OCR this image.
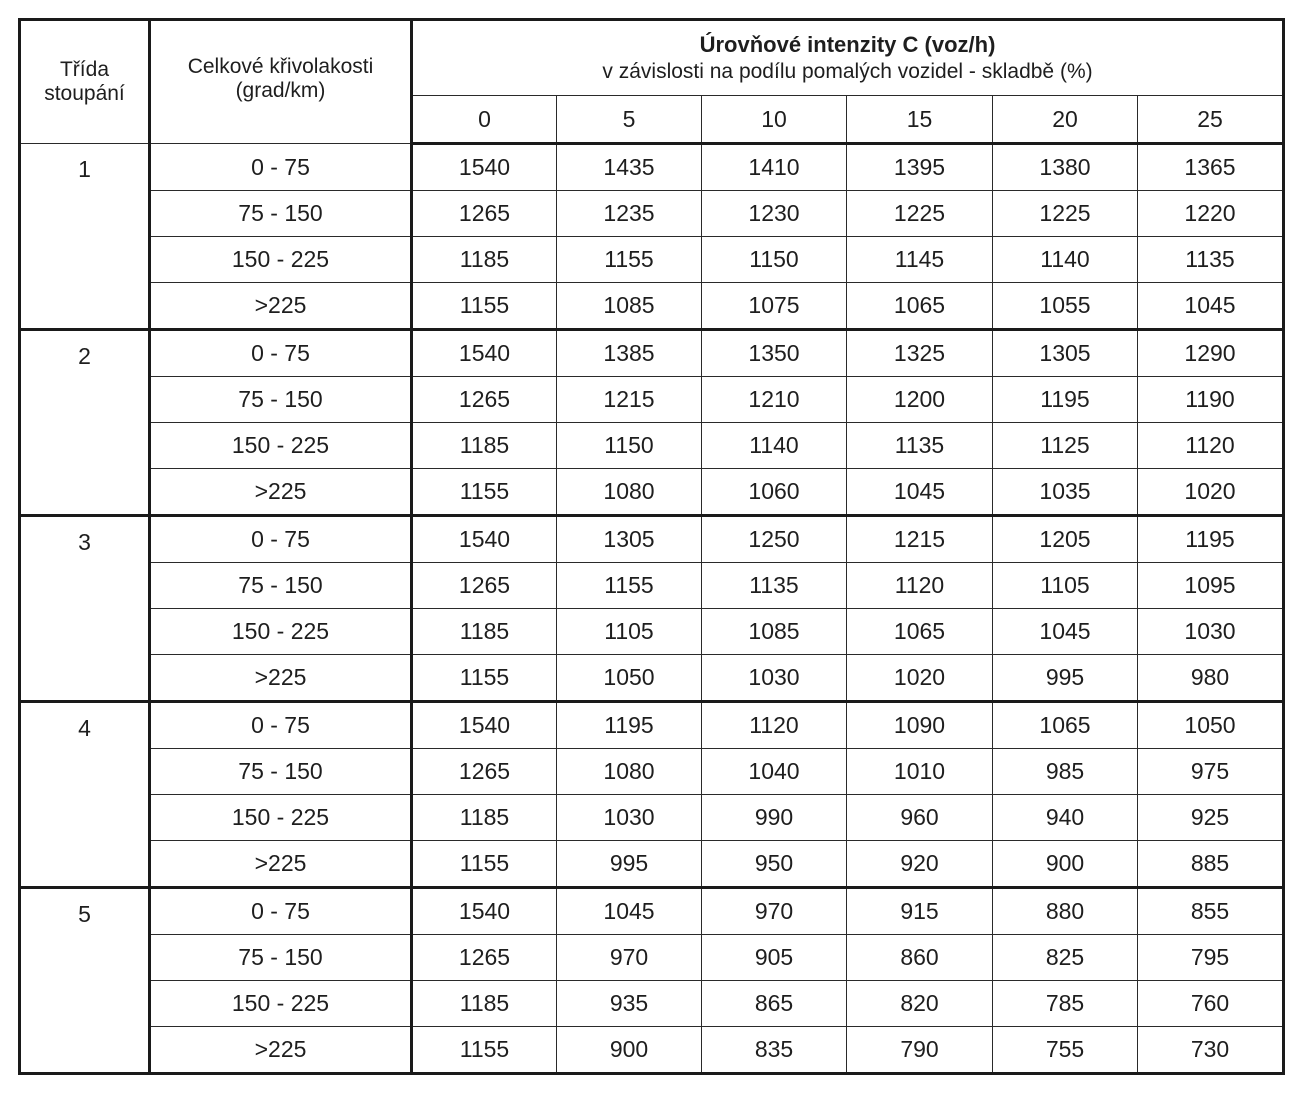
Třída
stoupání	Celkové křivolakosti
(grad/km)	Úrovňové intenzity C (voz/h)
v závislosti na podílu pomalých vozidel - skladbě (%)					
		0	5	10	15	20	25
1	0 - 75	1540	1435	1410	1395	1380	1365
	75 - 150	1265	1235	1230	1225	1225	1220
	150 - 225	1185	1155	1150	1145	1140	1135
	>225	1155	1085	1075	1065	1055	1045
2	0 - 75	1540	1385	1350	1325	1305	1290
	75 - 150	1265	1215	1210	1200	1195	1190
	150 - 225	1185	1150	1140	1135	1125	1120
	>225	1155	1080	1060	1045	1035	1020
3	0 - 75	1540	1305	1250	1215	1205	1195
	75 - 150	1265	1155	1135	1120	1105	1095
	150 - 225	1185	1105	1085	1065	1045	1030
	>225	1155	1050	1030	1020	995	980
4	0 - 75	1540	1195	1120	1090	1065	1050
	75 - 150	1265	1080	1040	1010	985	975
	150 - 225	1185	1030	990	960	940	925
	>225	1155	995	950	920	900	885
5	0 - 75	1540	1045	970	915	880	855
	75 - 150	1265	970	905	860	825	795
	150 - 225	1185	935	865	820	785	760
	>225	1155	900	835	790	755	730
